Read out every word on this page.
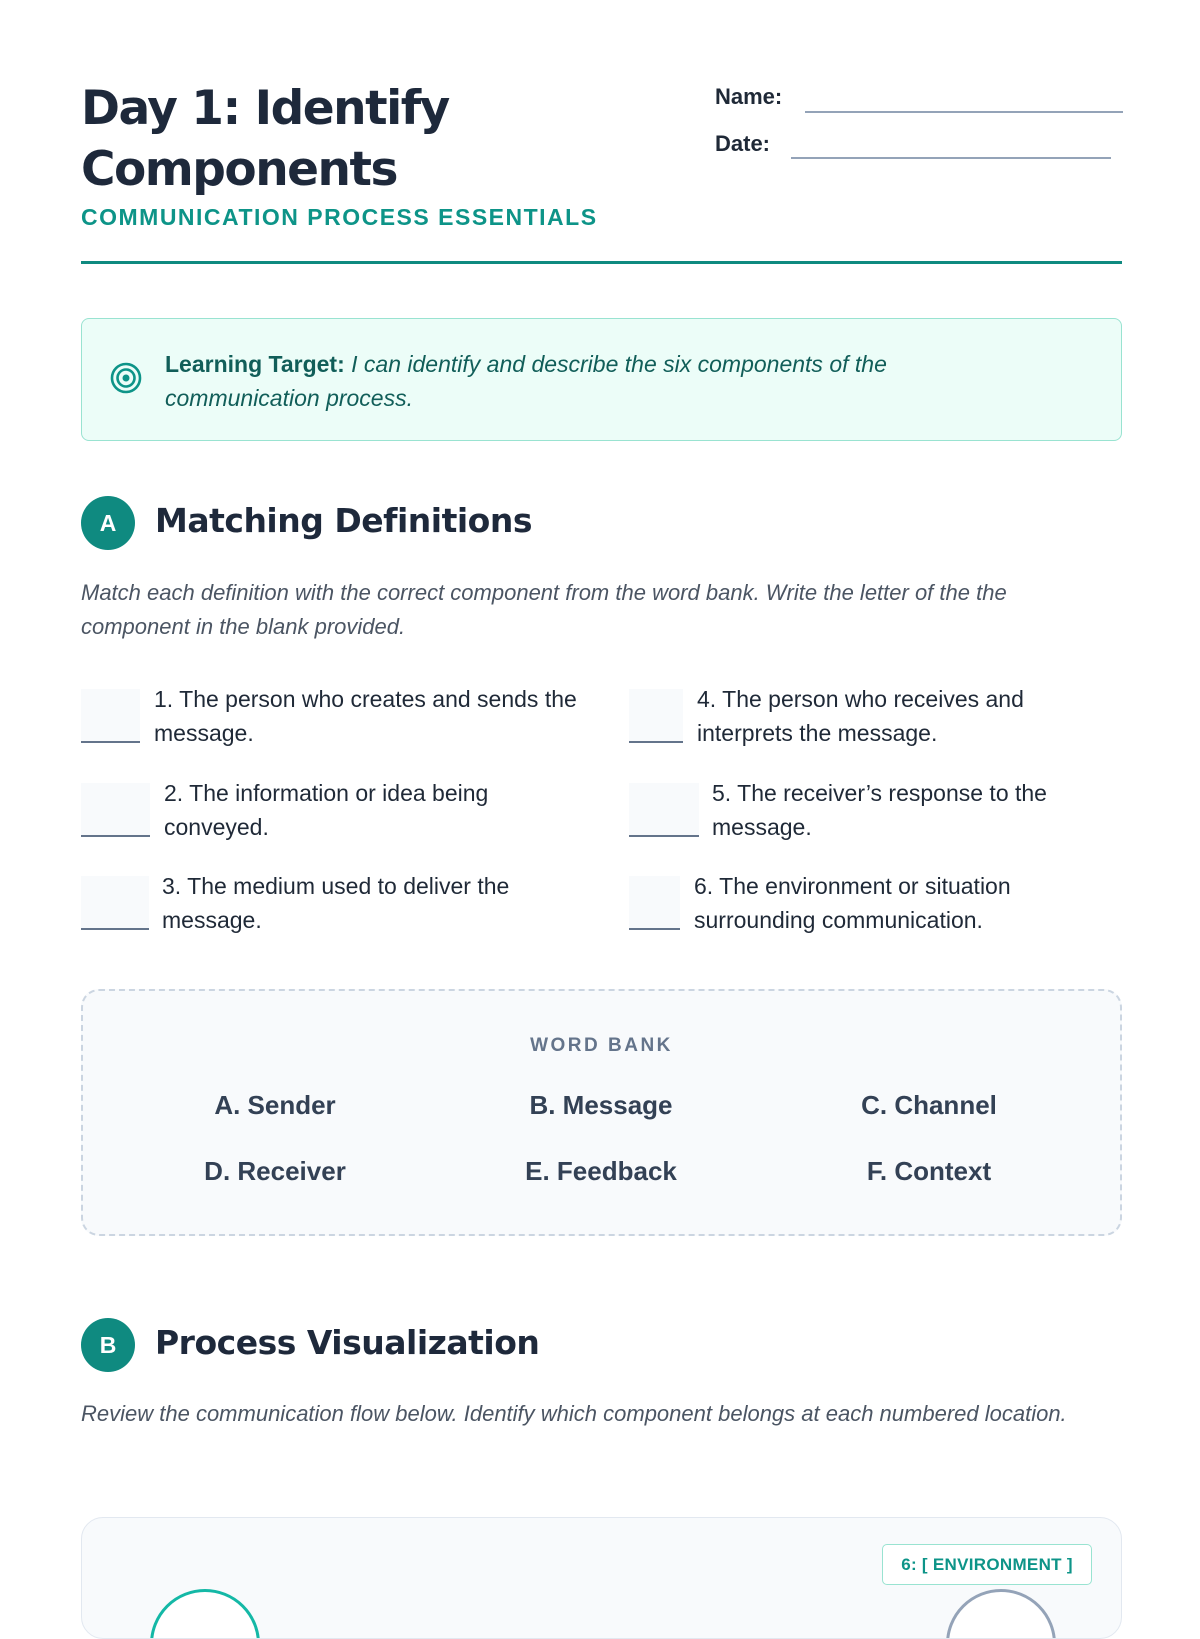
Day 1: Identify Components
COMMUNICATION PROCESS ESSENTIALS
Name:
Date:
Learning Target: I can identify and describe the six components of the communication process.
A	Matching Definitions
Match each definition with the correct component from the word bank. Write the letter of the the component in the blank provided.
1. The person who creates and sends the message.
2. The information or idea being conveyed.
3. The medium used to deliver the message.
4. The person who receives and interprets the message.
5. The receiver’s response to the message.
6. The environment or situation surrounding communication.
WORD BANK
A. Sender	B. Message	C. Channel
D. Receiver	E. Feedback	F. Context
B	Process Visualization
Review the communication flow below. Identify which component belongs at each numbered location.
6: [ ENVIRONMENT ]
